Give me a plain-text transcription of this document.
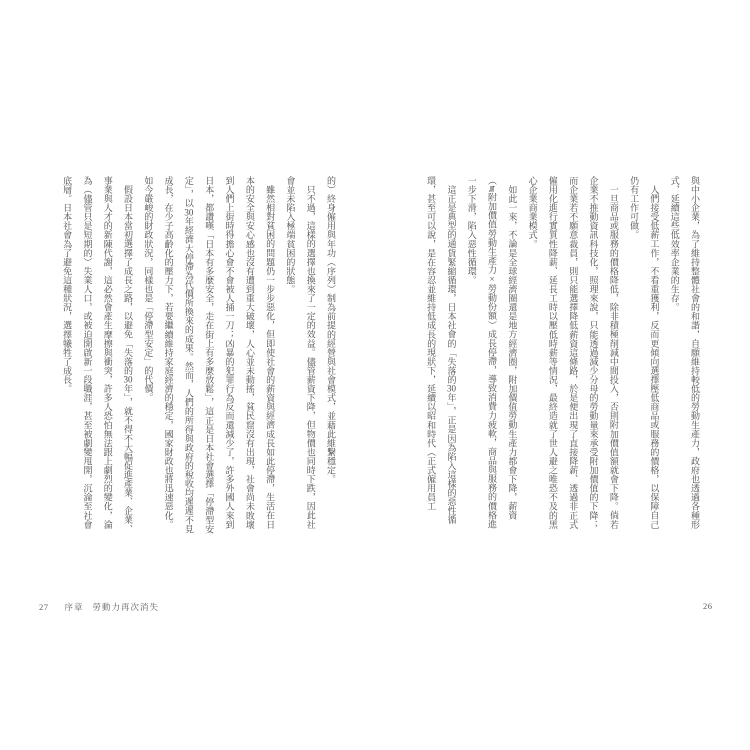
的）終身僱用與年功（序列）制為前提的經營與社會模式，並藉此維繫穩定。

只不過，這樣的選擇也換來了一定的效益。儘管薪資下降，但物價也同時下跌，因此社會並未陷入極端貧困的狀態。

雖然相對貧困的問題仍一步步惡化，但即使社會的薪資與經濟成長如此停滯，生活在日本的安全與安心感也沒有遭到重大破壞，人心並未動搖，貧民窟沒有出現，社會尚未敗壞到人們上街時得擔心會不會被人捅一刀；凶暴的犯罪行為反而還減少了，許多外國人來到日本，都讚嘆「日本有多麼安全，走在街上有多麼放鬆」，這正是日本社會選擇「停滯型安定」，以30年經濟大停滯為代價所換來的成果。然而，人們的所得與政府的稅收均遲遲不見成長，在少子高齡化的壓力下，若要繼續維持家庭經濟的穩定，國家財政也將迅速惡化。如今嚴峻的財政狀況，同樣也是「停滯型安定」的代價。

假設日本當初選擇了成長之路，以避免「失落的30年」，就不得不大幅促進產業、企業、事業與人才的新陳代謝，這必然會產生摩擦與衝突，許多人恐怕無法跟上劇烈的變化，淪為（儘管只是短期的）失業人口，或被迫開啟新一段職涯，甚至被劇變甩開，沉淪至社會底層。日本社會為了避免這種狀況，選擇犧牲了成長。

27 序章 勞動力再次消失

與中小企業，為了維持整體社會的和諧，自願維持較低的勞動生產力，政府也透過各種形式，延續這些低效率企業的生存。

人們接受低薪工作，不看重獲利，反而更傾向選擇壓低商品或服務的價格，以保障自己仍有工作可做。

一旦商品或服務的價格降低，除非積極削減中間投入，否則附加價值額就會下降。倘若企業不推動資訊科技化，照理來說，只能透過減少分母的勞動量來承受附加價值的下降；而企業若不願意裁員，則只能選擇降低薪資這條路，於是便出現了直接降薪、透過非正式僱用化進行實質性降薪、延長工時以壓低時薪等情況，最終造就了世人避之唯恐不及的黑心企業商業模式。

如此一來，不論是全球經濟圈還是地方經濟圈，附加價值勞動生產力都會下降，薪資（≒附加價值勞動生產力×勞動份額）成長停滯，導致消費力疲軟，商品與服務的價格進一步下滑，陷入惡性循環。

這正是典型的通貨緊縮循環，日本社會的「失落的30年」，正是因為陷入這樣的惡性循環，甚至可以說，是在容忍並維持低成長的現狀下，延續以昭和時代（正式僱用員工

26
